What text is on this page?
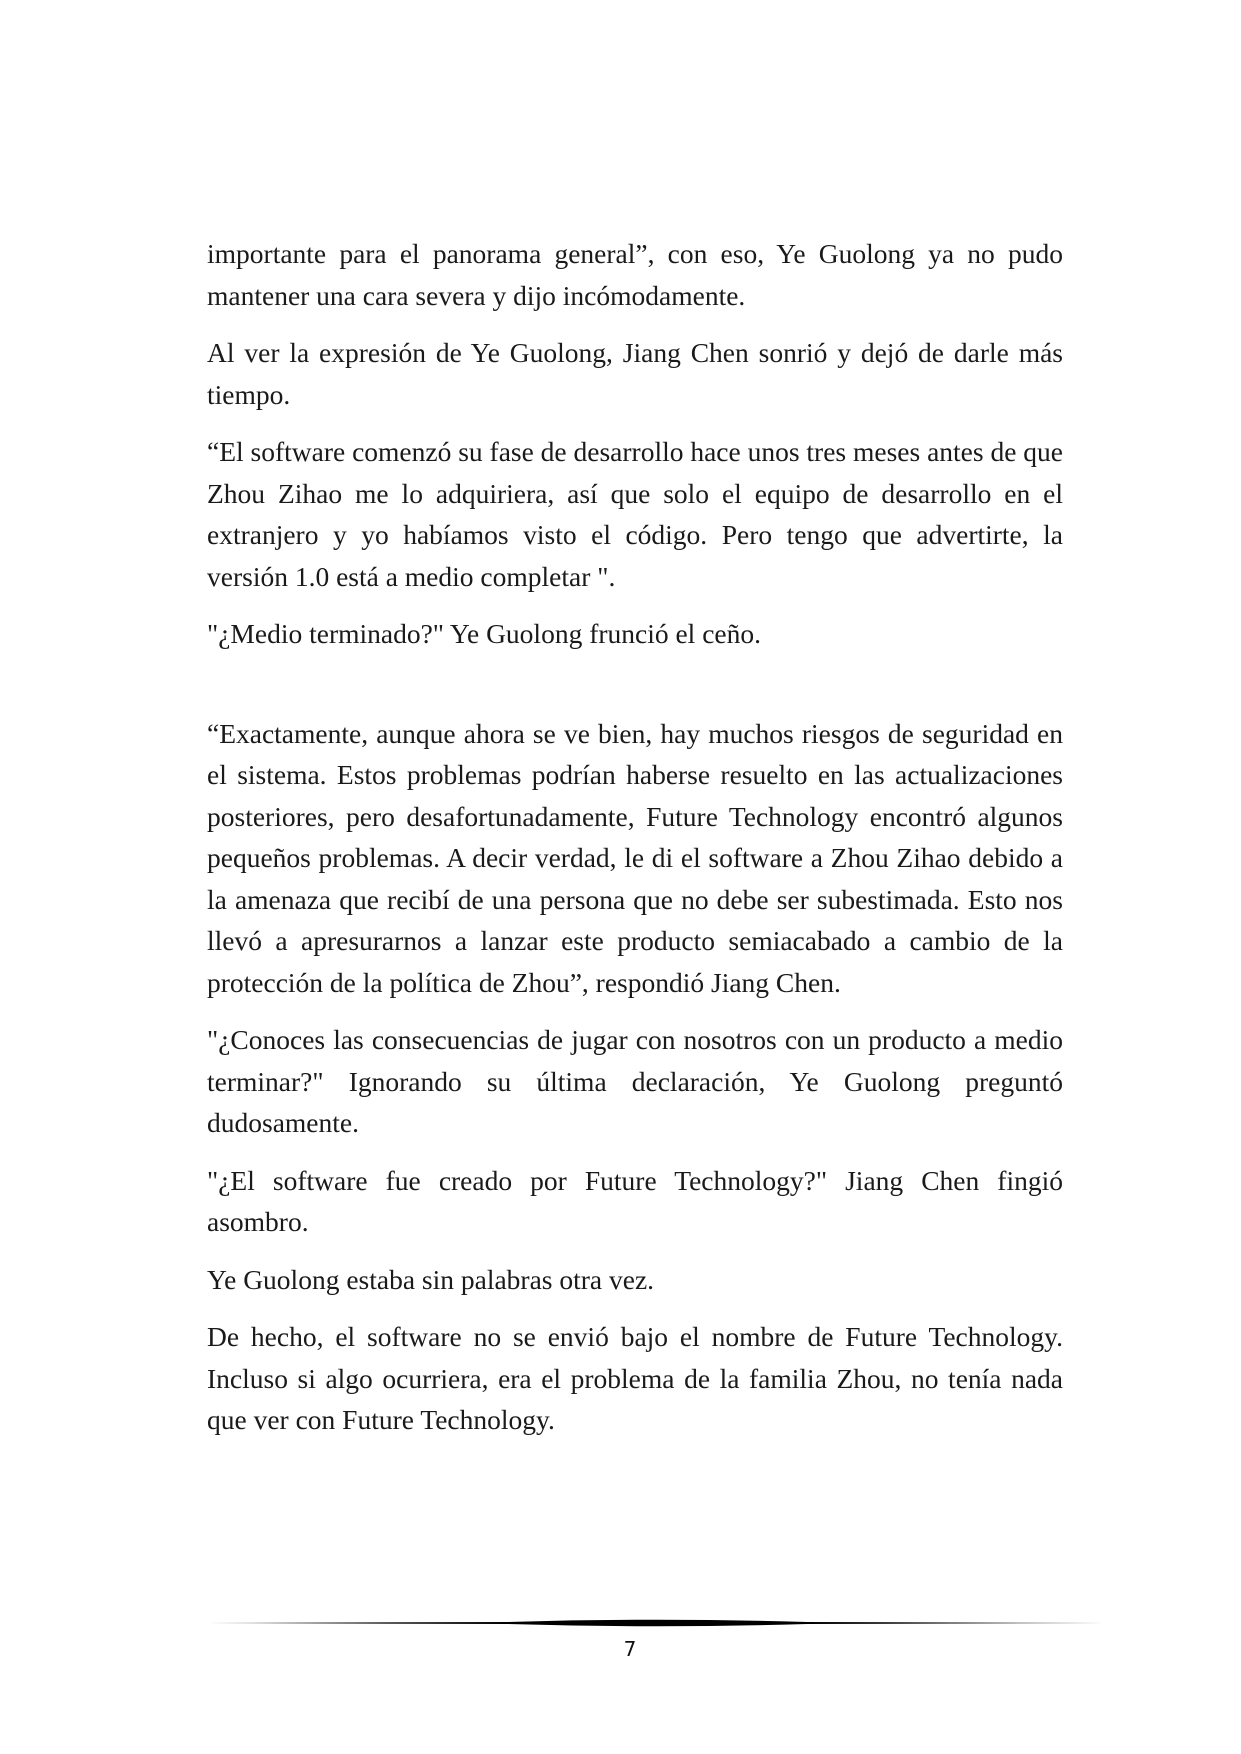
importante para el panorama general”, con eso, Ye Guolong ya no pudo mantener una cara severa y dijo incómodamente.

Al ver la expresión de Ye Guolong, Jiang Chen sonrió y dejó de darle más tiempo.

“El software comenzó su fase de desarrollo hace unos tres meses antes de que Zhou Zihao me lo adquiriera, así que solo el equipo de desarrollo en el extranjero y yo habíamos visto el código. Pero tengo que advertirte, la versión 1.0 está a medio completar ".

"¿Medio terminado?" Ye Guolong frunció el ceño.

“Exactamente, aunque ahora se ve bien, hay muchos riesgos de seguridad en el sistema. Estos problemas podrían haberse resuelto en las actualizaciones posteriores, pero desafortunadamente, Future Technology encontró algunos pequeños problemas. A decir verdad, le di el software a Zhou Zihao debido a la amenaza que recibí de una persona que no debe ser subestimada. Esto nos llevó a apresurarnos a lanzar este producto semiacabado a cambio de la protección de la política de Zhou”, respondió Jiang Chen.

"¿Conoces las consecuencias de jugar con nosotros con un producto a medio terminar?" Ignorando su última declaración, Ye Guolong preguntó dudosamente.

"¿El software fue creado por Future Technology?" Jiang Chen fingió asombro.

Ye Guolong estaba sin palabras otra vez.

De hecho, el software no se envió bajo el nombre de Future Technology. Incluso si algo ocurriera, era el problema de la familia Zhou, no tenía nada que ver con Future Technology.

7
